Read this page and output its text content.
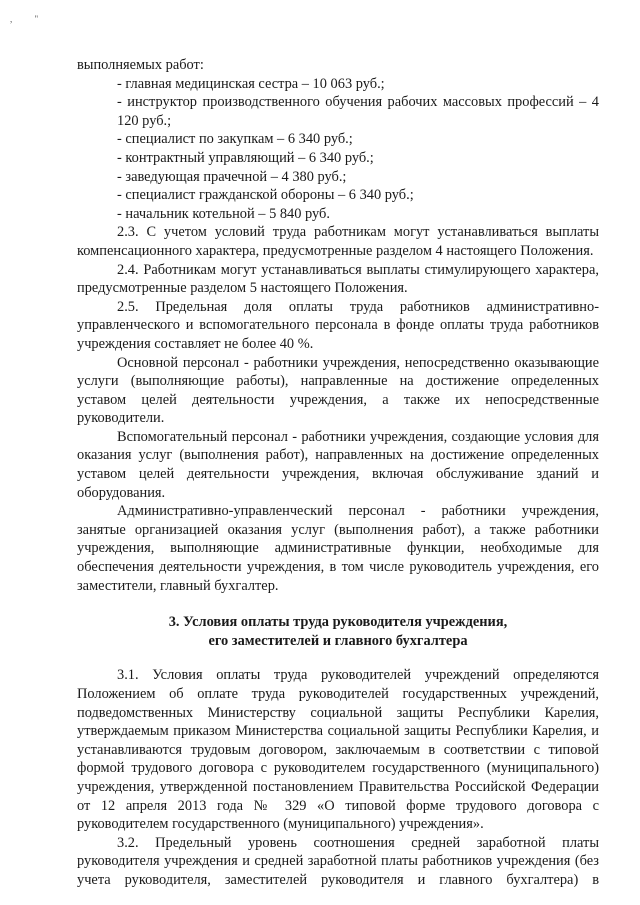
, "

выполняемых работ:

- главная медицинская сестра – 10 063 руб.;

- инструктор производственного обучения рабочих массовых профессий – 4 120 руб.;

- специалист по закупкам – 6 340 руб.;

- контрактный управляющий – 6 340 руб.;

- заведующая прачечной – 4 380 руб.;

- специалист гражданской обороны – 6 340 руб.;

- начальник котельной – 5 840 руб.

2.3. С учетом условий труда работникам могут устанавливаться выплаты компенсационного характера, предусмотренные разделом 4 настоящего Положения.

2.4. Работникам могут устанавливаться выплаты стимулирующего характера, предусмотренные разделом 5 настоящего Положения.

2.5. Предельная доля оплаты труда работников административно-управленческого и вспомогательного персонала в фонде оплаты труда работников учреждения составляет не более 40 %.

Основной персонал - работники учреждения, непосредственно оказывающие услуги (выполняющие работы), направленные на достижение определенных уставом целей деятельности учреждения, а также их непосредственные руководители.

Вспомогательный персонал - работники учреждения, создающие условия для оказания услуг (выполнения работ), направленных на достижение определенных уставом целей деятельности учреждения, включая обслуживание зданий и оборудования.

Административно-управленческий персонал - работники учреждения, занятые организацией оказания услуг (выполнения работ), а также работники учреждения, выполняющие административные функции, необходимые для обеспечения деятельности учреждения, в том числе руководитель учреждения, его заместители, главный бухгалтер.

3. Условия оплаты труда руководителя учреждения,
его заместителей и главного бухгалтера

3.1. Условия оплаты труда руководителей учреждений определяются Положением об оплате труда руководителей государственных учреждений, подведомственных Министерству социальной защиты Республики Карелия, утверждаемым приказом Министерства социальной защиты Республики Карелия, и устанавливаются трудовым договором, заключаемым в соответствии с типовой формой трудового договора с руководителем государственного (муниципального) учреждения, утвержденной постановлением Правительства Российской Федерации от 12 апреля 2013 года № 329 «О типовой форме трудового договора с руководителем государственного (муниципального) учреждения».

3.2. Предельный уровень соотношения средней заработной платы руководителя учреждения и средней заработной платы работников учреждения (без учета руководителя, заместителей руководителя и главного бухгалтера) в
